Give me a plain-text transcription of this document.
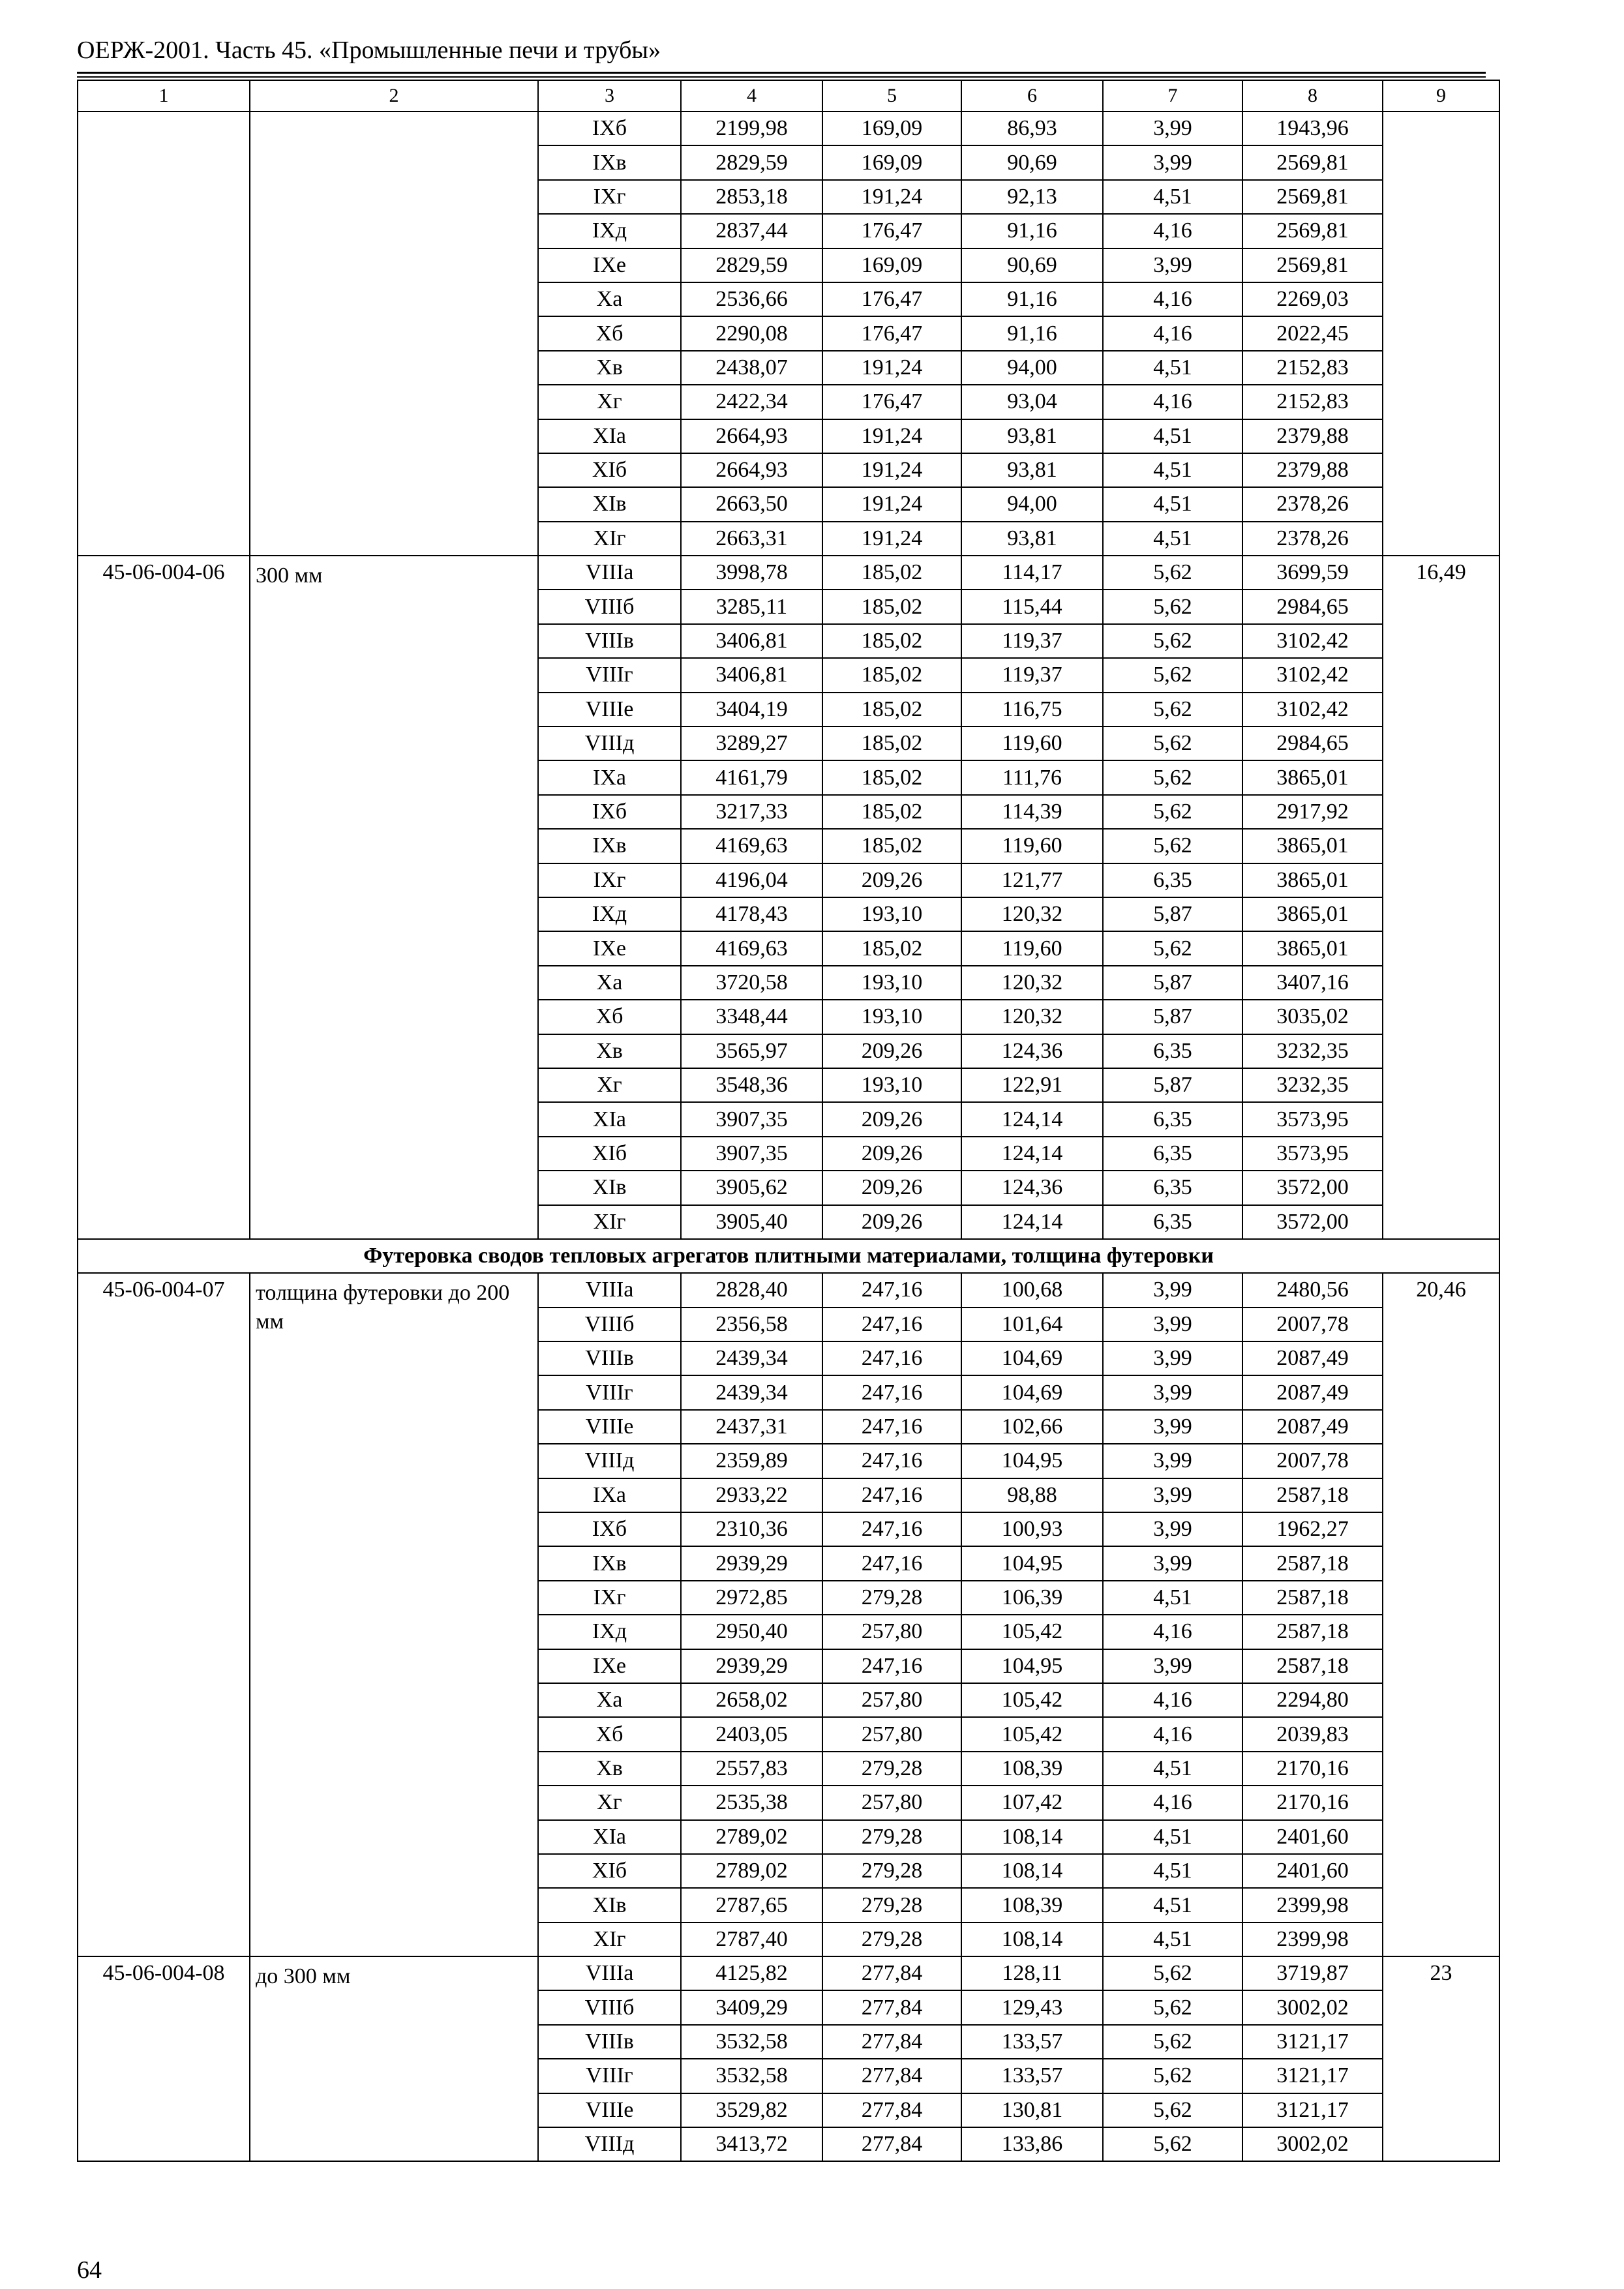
ОЕРЖ-2001. Часть 45. «Промышленные печи и трубы»
1	2	3	4	5	6	7	8	9
		IXб	2199,98	169,09	86,93	3,99	1943,96	
		IXв	2829,59	169,09	90,69	3,99	2569,81	
		IXг	2853,18	191,24	92,13	4,51	2569,81	
		IXд	2837,44	176,47	91,16	4,16	2569,81	
		IXe	2829,59	169,09	90,69	3,99	2569,81	
		Xa	2536,66	176,47	91,16	4,16	2269,03	
		Xб	2290,08	176,47	91,16	4,16	2022,45	
		Xв	2438,07	191,24	94,00	4,51	2152,83	
		Xг	2422,34	176,47	93,04	4,16	2152,83	
		XIa	2664,93	191,24	93,81	4,51	2379,88	
		XIб	2664,93	191,24	93,81	4,51	2379,88	
		XIв	2663,50	191,24	94,00	4,51	2378,26	
		XIг	2663,31	191,24	93,81	4,51	2378,26	
45-06-004-06	300 мм	VIIIa	3998,78	185,02	114,17	5,62	3699,59	16,49
		VIIIб	3285,11	185,02	115,44	5,62	2984,65	
		VIIIв	3406,81	185,02	119,37	5,62	3102,42	
		VIIIг	3406,81	185,02	119,37	5,62	3102,42	
		VIIIe	3404,19	185,02	116,75	5,62	3102,42	
		VIIIд	3289,27	185,02	119,60	5,62	2984,65	
		IXa	4161,79	185,02	111,76	5,62	3865,01	
		IXб	3217,33	185,02	114,39	5,62	2917,92	
		IXв	4169,63	185,02	119,60	5,62	3865,01	
		IXг	4196,04	209,26	121,77	6,35	3865,01	
		IXд	4178,43	193,10	120,32	5,87	3865,01	
		IXe	4169,63	185,02	119,60	5,62	3865,01	
		Xa	3720,58	193,10	120,32	5,87	3407,16	
		Xб	3348,44	193,10	120,32	5,87	3035,02	
		Xв	3565,97	209,26	124,36	6,35	3232,35	
		Xг	3548,36	193,10	122,91	5,87	3232,35	
		XIa	3907,35	209,26	124,14	6,35	3573,95	
		XIб	3907,35	209,26	124,14	6,35	3573,95	
		XIв	3905,62	209,26	124,36	6,35	3572,00	
		XIг	3905,40	209,26	124,14	6,35	3572,00	
Футеровка сводов тепловых агрегатов плитными материалами, толщина футеровки								
45-06-004-07	толщина футеровки до 200 мм	VIIIa	2828,40	247,16	100,68	3,99	2480,56	20,46
		VIIIб	2356,58	247,16	101,64	3,99	2007,78	
		VIIIв	2439,34	247,16	104,69	3,99	2087,49	
		VIIIг	2439,34	247,16	104,69	3,99	2087,49	
		VIIIe	2437,31	247,16	102,66	3,99	2087,49	
		VIIIд	2359,89	247,16	104,95	3,99	2007,78	
		IXa	2933,22	247,16	98,88	3,99	2587,18	
		IXб	2310,36	247,16	100,93	3,99	1962,27	
		IXв	2939,29	247,16	104,95	3,99	2587,18	
		IXг	2972,85	279,28	106,39	4,51	2587,18	
		IXд	2950,40	257,80	105,42	4,16	2587,18	
		IXe	2939,29	247,16	104,95	3,99	2587,18	
		Xa	2658,02	257,80	105,42	4,16	2294,80	
		Xб	2403,05	257,80	105,42	4,16	2039,83	
		Xв	2557,83	279,28	108,39	4,51	2170,16	
		Xг	2535,38	257,80	107,42	4,16	2170,16	
		XIa	2789,02	279,28	108,14	4,51	2401,60	
		XIб	2789,02	279,28	108,14	4,51	2401,60	
		XIв	2787,65	279,28	108,39	4,51	2399,98	
		XIг	2787,40	279,28	108,14	4,51	2399,98	
45-06-004-08	до 300 мм	VIIIa	4125,82	277,84	128,11	5,62	3719,87	23
		VIIIб	3409,29	277,84	129,43	5,62	3002,02	
		VIIIв	3532,58	277,84	133,57	5,62	3121,17	
		VIIIг	3532,58	277,84	133,57	5,62	3121,17	
		VIIIe	3529,82	277,84	130,81	5,62	3121,17	
		VIIIд	3413,72	277,84	133,86	5,62	3002,02	
64
